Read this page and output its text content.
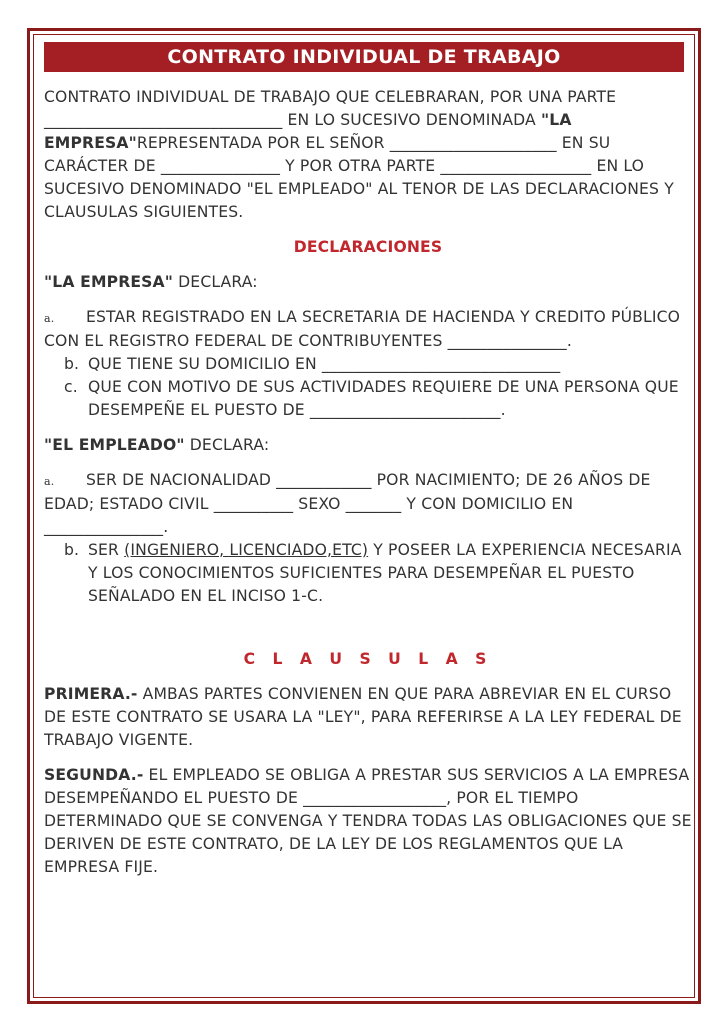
CONTRATO INDIVIDUAL DE TRABAJO

CONTRATO INDIVIDUAL DE TRABAJO QUE CELEBRARAN, POR UNA PARTE ______________________________ EN LO SUCESIVO DENOMINADA "LA EMPRESA"REPRESENTADA POR EL SEÑOR _____________________ EN SU CARÁCTER DE _______________ Y POR OTRA PARTE ___________________ EN LO SUCESIVO DENOMINADO "EL EMPLEADO" AL TENOR DE LAS DECLARACIONES Y CLAUSULAS SIGUIENTES.

DECLARACIONES

"LA EMPRESA" DECLARA:

a. ESTAR REGISTRADO EN LA SECRETARIA DE HACIENDA Y CREDITO PÚBLICO CON EL REGISTRO FEDERAL DE CONTRIBUYENTES _______________.

b. QUE TIENE SU DOMICILIO EN ______________________________
c. QUE CON MOTIVO DE SUS ACTIVIDADES REQUIERE DE UNA PERSONA QUE DESEMPEÑE EL PUESTO DE ________________________.

"EL EMPLEADO" DECLARA:

a. SER DE NACIONALIDAD ____________ POR NACIMIENTO; DE 26 AÑOS DE EDAD; ESTADO CIVIL __________ SEXO _______ Y CON DOMICILIO EN _______________.

b. SER (INGENIERO, LICENCIADO,ETC) Y POSEER LA EXPERIENCIA NECESARIA Y LOS CONOCIMIENTOS SUFICIENTES PARA DESEMPEÑAR EL PUESTO SEÑALADO EN EL INCISO 1-C.

C L A U S U L A S

PRIMERA.- AMBAS PARTES CONVIENEN EN QUE PARA ABREVIAR EN EL CURSO DE ESTE CONTRATO SE USARA LA "LEY", PARA REFERIRSE A LA LEY FEDERAL DE TRABAJO VIGENTE.

SEGUNDA.- EL EMPLEADO SE OBLIGA A PRESTAR SUS SERVICIOS A LA EMPRESA DESEMPEÑANDO EL PUESTO DE __________________, POR EL TIEMPO DETERMINADO QUE SE CONVENGA Y TENDRA TODAS LAS OBLIGACIONES QUE SE DERIVEN DE ESTE CONTRATO, DE LA LEY DE LOS REGLAMENTOS QUE LA EMPRESA FIJE.
